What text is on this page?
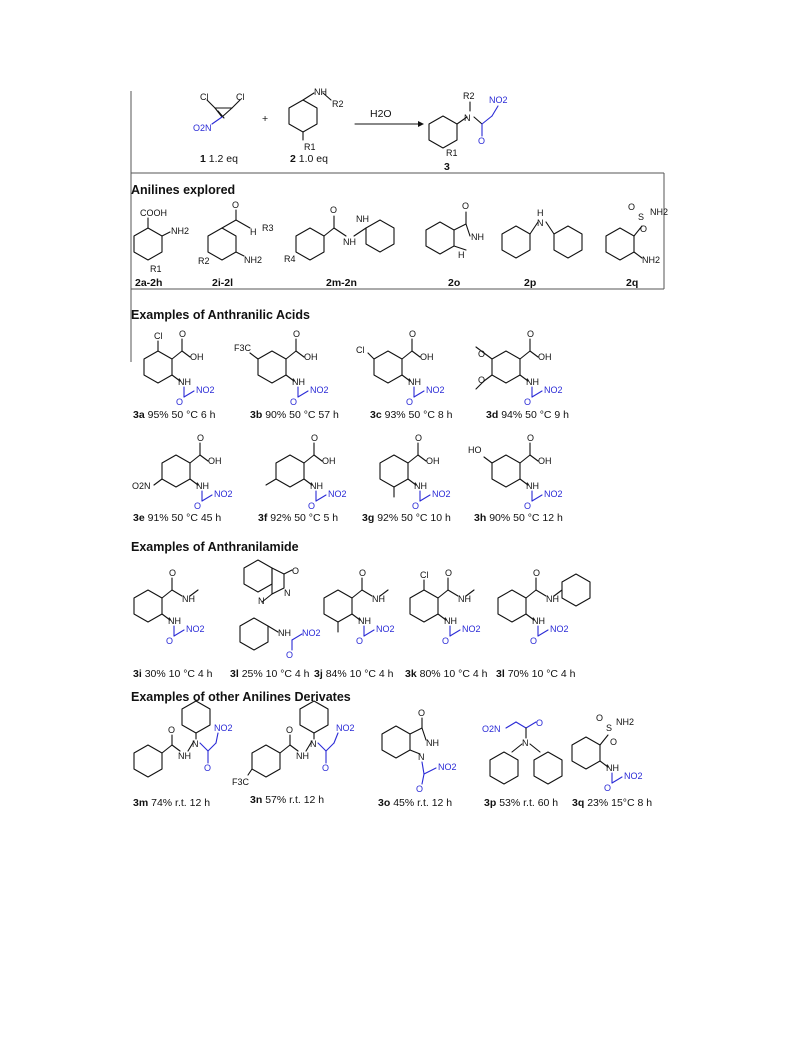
Cl	Cl
O2N
1 1.2 eq
+
NH
R2
R1
2 1.0 eq
H2O	N
R2
O
NO2
R1
3
Anilines explored
COOH
NH2
R1
2a-2h
O
H R3
NH2
R2
2i-2l
O
NH
NH
R4
2m-2n
O
NH
H
2o
H
N
2p
S
O
O
NH2
NH2
2q
Examples of Anthranilic Acids
Cl O
OH
NH
O
NO2
3a 95% 50 °C 6 h
F3C
O
OH
NH
O
NO2
3b 90% 50 °C 57 h
Cl
O
OH
NH
O
NO2
3c 93% 50 °C 8 h
O
O
O
OH
NH
O
NO2
3d 94% 50 °C 9 h
O2N
O
OH
NH
O
NO2
3e 91% 50 °C 45 h
O
OH
NH
O
NO2
3f 92% 50 °C 5 h
O
OH
NH
O
NO2
3g 92% 50 °C 10 h
HO
O
OH
NH
O
NO2
3h 90% 50 °C 12 h
Examples of Anthranilamide
O
NH
NH
O
NO2
3i 30% 10 °C 4 h
O
N
N
NH
O
NO2
3l 25% 10 °C 4 h
O
NH
NH
O
NO2
3j 84% 10 °C 4 h
Cl O
NH
NH
O
NO2
3k 80% 10 °C 4 h
O
NH
NH
O
NO2
3l 70% 10 °C 4 h
Examples of other Anilines Derivates
O
NH
N
O
NO2
3m 74% r.t. 12 h
F3C
O
NH
N
O
NO2
3n 57% r.t. 12 h
O
NH
N
O
NO2
3o 45% r.t. 12 h
O2N
O
N
3p 53% r.t. 60 h
S
O
O
NH2
NH
O
NO2
3q 23% 15°C 8 h
